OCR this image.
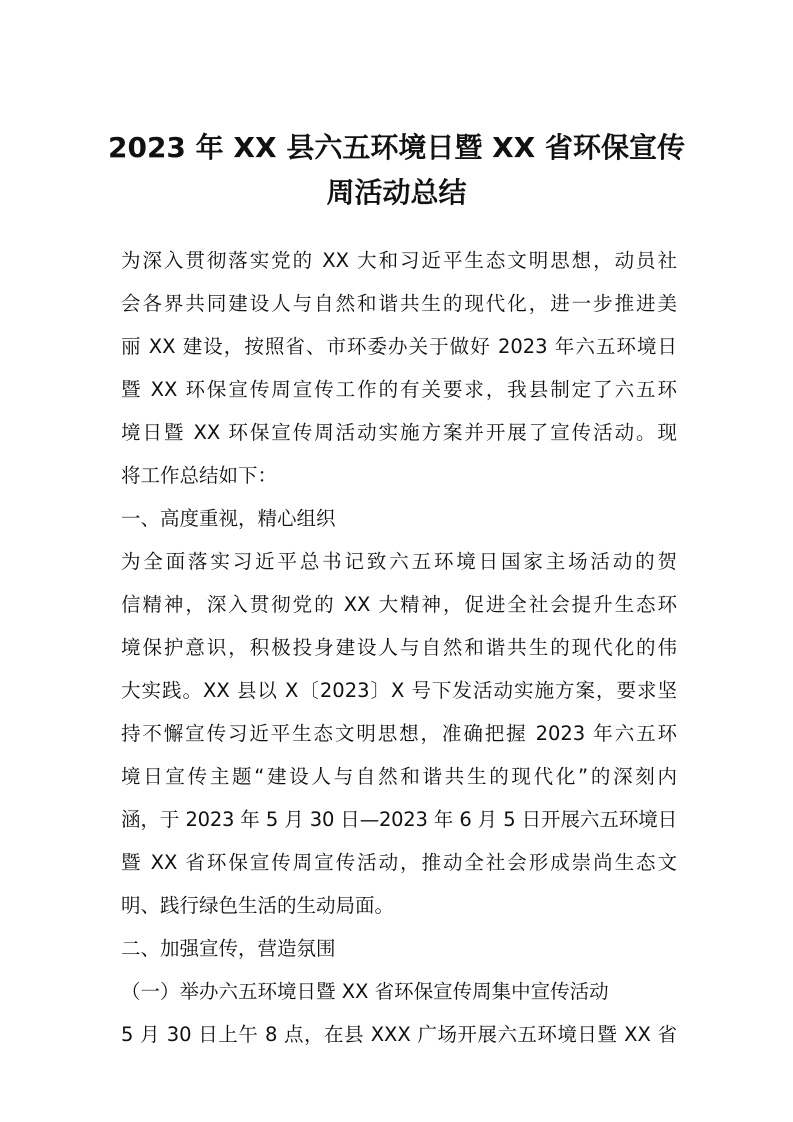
2023 年 XX 县六五环境日暨 XX 省环保宣传
周活动总结
为深入贯彻落实党的 XX 大和习近平生态文明思想，动员社
会各界共同建设人与自然和谐共生的现代化，进一步推进美
丽 XX 建设，按照省、市环委办关于做好 2023 年六五环境日
暨 XX 环保宣传周宣传工作的有关要求，我县制定了六五环
境日暨 XX 环保宣传周活动实施方案并开展了宣传活动。现
将工作总结如下：
一、高度重视，精心组织
为全面落实习近平总书记致六五环境日国家主场活动的贺
信精神，深入贯彻党的 XX 大精神，促进全社会提升生态环
境保护意识，积极投身建设人与自然和谐共生的现代化的伟
大实践。XX 县以 X〔2023〕X 号下发活动实施方案，要求坚
持不懈宣传习近平生态文明思想，准确把握 2023 年六五环
境日宣传主题“建设人与自然和谐共生的现代化”的深刻内
涵，于 2023 年 5 月 30 日—2023 年 6 月 5 日开展六五环境日
暨 XX 省环保宣传周宣传活动，推动全社会形成崇尚生态文
明、践行绿色生活的生动局面。
二、加强宣传，营造氛围
（一）举办六五环境日暨 XX 省环保宣传周集中宣传活动
5 月 30 日上午 8 点，在县 XXX 广场开展六五环境日暨 XX 省
